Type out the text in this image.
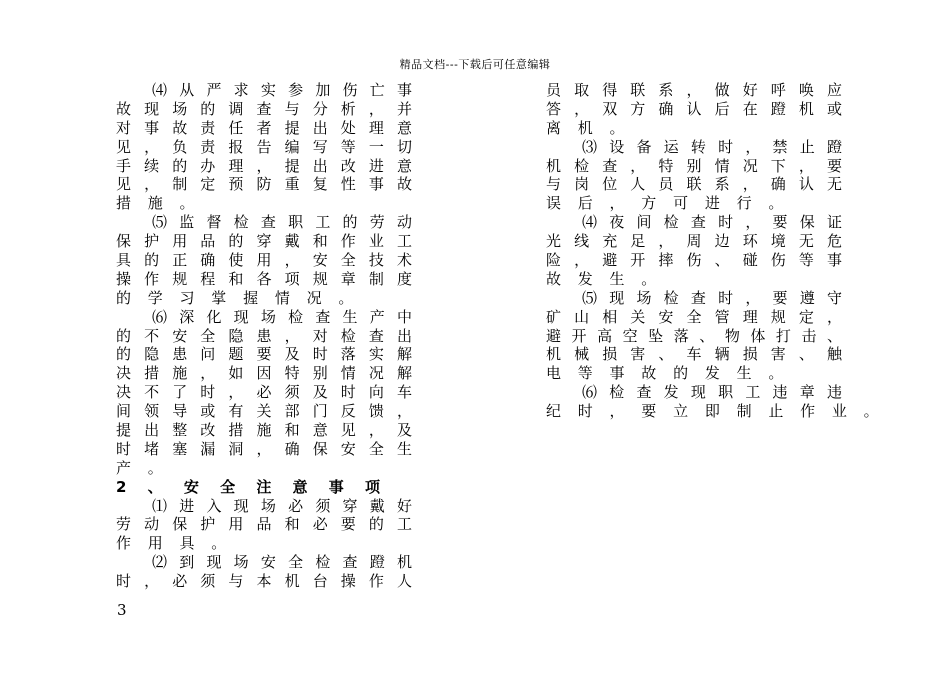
精品文档---下载后可任意编辑
⑷ 从 严 求 实 参 加 伤 亡 事
故 现 场 的 调 查 与 分 析 ， 并
对 事 故 责 任 者 提 出 处 理 意
见 ， 负 责 报 告 编 写 等 一 切
手 续 的 办 理 ， 提 出 改 进 意
见 ， 制 定 预 防 重 复 性 事 故
措 施 。
⑸ 监 督 检 查 职 工 的 劳 动
保 护 用 品 的 穿 戴 和 作 业 工
具 的 正 确 使 用 ， 安 全 技 术
操 作 规 程 和 各 项 规 章 制 度
的 学 习 掌 握 情 况 。
⑹ 深 化 现 场 检 查 生 产 中
的 不 安 全 隐 患 ， 对 检 查 出
的 隐 患 问 题 要 及 时 落 实 解
决 措 施 ， 如 因 特 别 情 况 解
决 不 了 时 ， 必 须 及 时 向 车
间 领 导 或 有 关 部 门 反 馈 ，
提 出 整 改 措 施 和 意 见 ， 及
时 堵 塞 漏 洞 ， 确 保 安 全 生
产 。
2 、 安 全 注 意 事 项
⑴ 进 入 现 场 必 须 穿 戴 好
劳 动 保 护 用 品 和 必 要 的 工
作 用 具 。
⑵ 到 现 场 安 全 检 查 蹬 机
时 ， 必 须 与 本 机 台 操 作 人
员 取 得 联 系 ， 做 好 呼 唤 应
答 ， 双 方 确 认 后 在 蹬 机 或
离 机 。
⑶ 设 备 运 转 时 ， 禁 止 蹬
机 检 查 ， 特 别 情 况 下 ， 要
与 岗 位 人 员 联 系 ， 确 认 无
误 后 ， 方 可 进 行 。
⑷ 夜 间 检 查 时 ， 要 保 证
光 线 充 足 ， 周 边 环 境 无 危
险 ， 避 开 摔 伤 、 碰 伤 等 事
故 发 生 。
⑸ 现 场 检 查 时 ， 要 遵 守
矿 山 相 关 安 全 管 理 规 定 ，
避 开 高 空 坠 落 、 物 体 打 击 、
机 械 损 害 、 车 辆 损 害 、 触
电 等 事 故 的 发 生 。
⑹ 检 查 发 现 职 工 违 章 违
纪 时 ， 要 立 即 制 止 作 业 。
3
